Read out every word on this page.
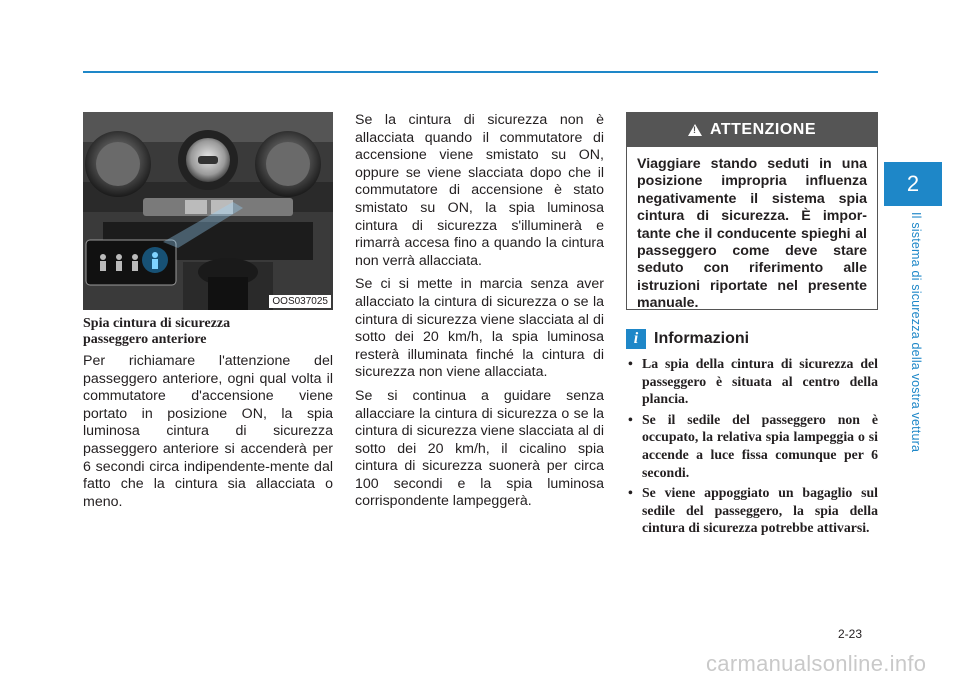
2
Il sistema di sicurezza della vostra vettura
OOS037025
Spia cintura di sicurezza
passeggero anteriore

Per richiamare l'attenzione del passeggero anteriore, ogni qual volta il commutatore d'accensione viene portato in posizione ON, la spia luminosa cintura di sicurezza passeggero anteriore si accenderà per 6 secondi circa indipendente-mente dal fatto che la cintura sia allacciata o meno.

Se la cintura di sicurezza non è allacciata quando il commutatore di accensione viene smistato su ON, oppure se viene slacciata dopo che il commutatore di accensione è stato smistato su ON, la spia luminosa cintura di sicurezza s'illuminerà e rimarrà accesa fino a quando la cintura non verrà allacciata.

Se ci si mette in marcia senza aver allacciato la cintura di sicurezza o se la cintura di sicurezza viene slacciata al di sotto dei 20 km/h, la spia luminosa resterà illuminata finché la cintura di sicurezza non viene allacciata.

Se si continua a guidare senza allacciare la cintura di sicurezza o se la cintura di sicurezza viene slacciata al di sotto dei 20 km/h, il cicalino spia cintura di sicurezza suonerà per circa 100 secondi e la spia luminosa corrispondente lampeggerà.

!
ATTENZIONE
Viaggiare stando seduti in una posizione impropria influenza negativamente il sistema spia cintura di sicurezza. È impor-tante che il conducente spieghi al passeggero come deve stare seduto con riferimento alle istruzioni riportate nel presente manuale.
i Informazioni
• La spia della cintura di sicurezza del passeggero è situata al centro della plancia.
• Se il sedile del passeggero non è occupato, la relativa spia lampeggia o si accende a luce fissa comunque per 6 secondi.
• Se viene appoggiato un bagaglio sul sedile del passeggero, la spia della cintura di sicurezza potrebbe attivarsi.
2-23
carmanualsonline.info
